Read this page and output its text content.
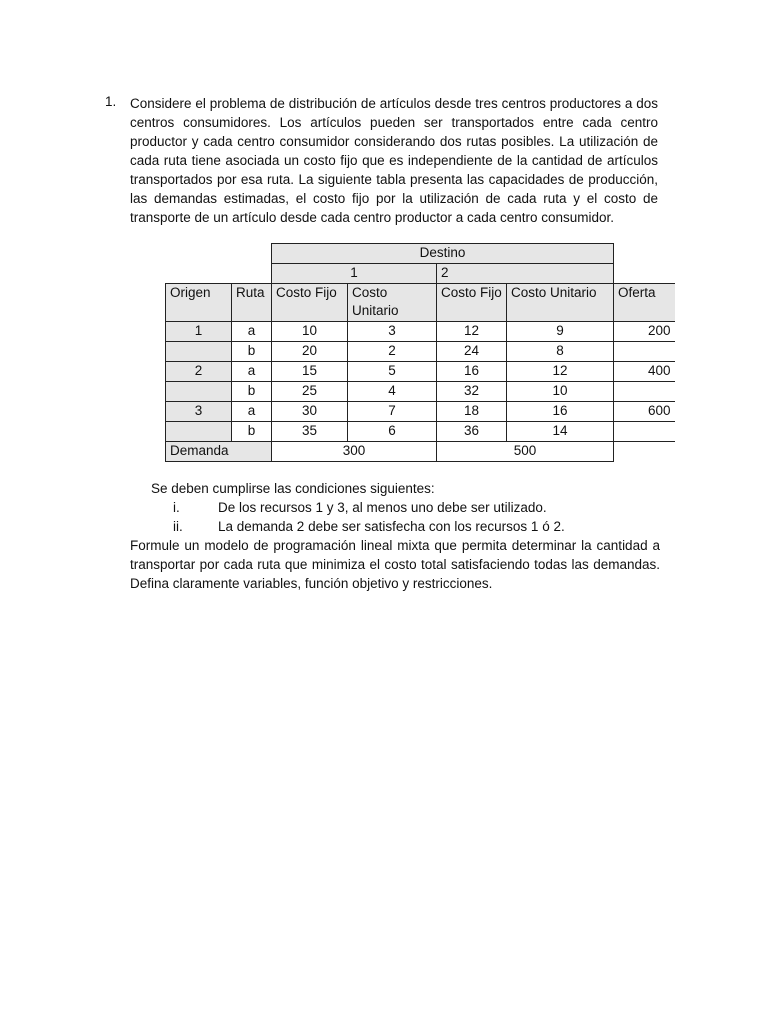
1. Considere el problema de distribución de artículos desde tres centros productores a dos centros consumidores. Los artículos pueden ser transportados entre cada centro productor y cada centro consumidor considerando dos rutas posibles. La utilización de cada ruta tiene asociada un costo fijo que es independiente de la cantidad de artículos transportados por esa ruta. La siguiente tabla presenta las capacidades de producción, las demandas estimadas, el costo fijo por la utilización de cada ruta y el costo de transporte de un artículo desde cada centro productor a cada centro consumidor.

		Destino				
		1		2		
Origen	Ruta	Costo Fijo	Costo Unitario	Costo Fijo	Costo Unitario	Oferta
1	a	10	3	12	9	200
	b	20	2	24	8	
2	a	15	5	16	12	400
	b	25	4	32	10	
3	a	30	7	18	16	600
	b	35	6	36	14	
Demanda		300		500		
Se deben cumplirse las condiciones siguientes:
i.	De los recursos 1 y 3, al menos uno debe ser utilizado.
ii.	La demanda 2 debe ser satisfecha con los recursos 1 ó 2.

Formule un modelo de programación lineal mixta que permita determinar la cantidad a transportar por cada ruta que minimiza el costo total satisfaciendo todas las demandas. Defina claramente variables, función objetivo y restricciones.
